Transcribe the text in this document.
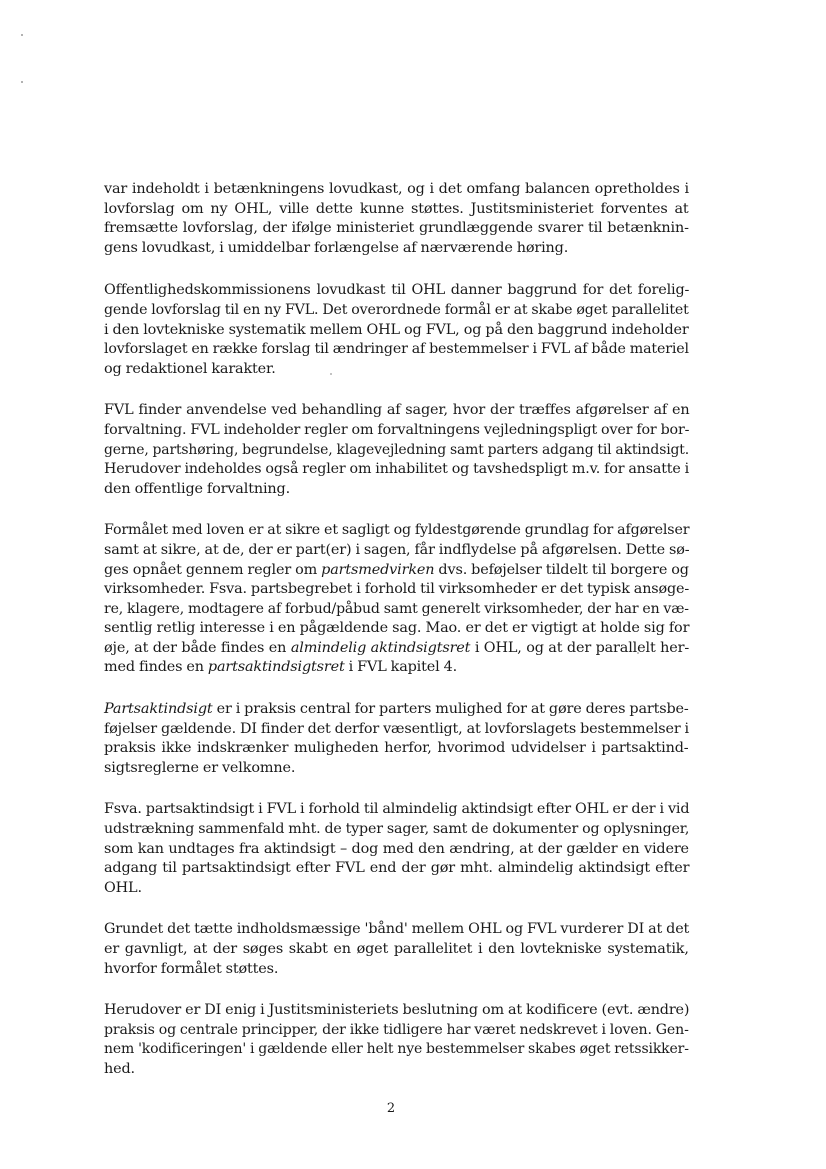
var indeholdt i betænkningens lovudkast, og i det omfang balancen opretholdes i
lovforslag om ny OHL, ville dette kunne støttes. Justitsministeriet forventes at
fremsætte lovforslag, der ifølge ministeriet grundlæggende svarer til betænknin-
gens lovudkast, i umiddelbar forlængelse af nærværende høring.

Offentlighedskommissionens lovudkast til OHL danner baggrund for det forelig-
gende lovforslag til en ny FVL. Det overordnede formål er at skabe øget parallelitet
i den lovtekniske systematik mellem OHL og FVL, og på den baggrund indeholder
lovforslaget en række forslag til ændringer af bestemmelser i FVL af både materiel
og redaktionel karakter.

FVL finder anvendelse ved behandling af sager, hvor der træffes afgørelser af en
forvaltning. FVL indeholder regler om forvaltningens vejledningspligt over for bor-
gerne, partshøring, begrundelse, klagevejledning samt parters adgang til aktindsigt.
Herudover indeholdes også regler om inhabilitet og tavshedspligt m.v. for ansatte i
den offentlige forvaltning.

Formålet med loven er at sikre et sagligt og fyldestgørende grundlag for afgørelser
samt at sikre, at de, der er part(er) i sagen, får indflydelse på afgørelsen. Dette sø-
ges opnået gennem regler om partsmedvirken dvs. beføjelser tildelt til borgere og
virksomheder. Fsva. partsbegrebet i forhold til virksomheder er det typisk ansøge-
re, klagere, modtagere af forbud/påbud samt generelt virksomheder, der har en væ-
sentlig retlig interesse i en pågældende sag. Mao. er det er vigtigt at holde sig for
øje, at der både findes en almindelig aktindsigtsret i OHL, og at der parallelt her-
med findes en partsaktindsigtsret i FVL kapitel 4.

Partsaktindsigt er i praksis central for parters mulighed for at gøre deres partsbe-
føjelser gældende. DI finder det derfor væsentligt, at lovforslagets bestemmelser i
praksis ikke indskrænker muligheden herfor, hvorimod udvidelser i partsaktind-
sigtsreglerne er velkomne.

Fsva. partsaktindsigt i FVL i forhold til almindelig aktindsigt efter OHL er der i vid
udstrækning sammenfald mht. de typer sager, samt de dokumenter og oplysninger,
som kan undtages fra aktindsigt – dog med den ændring, at der gælder en videre
adgang til partsaktindsigt efter FVL end der gør mht. almindelig aktindsigt efter
OHL.

Grundet det tætte indholdsmæssige 'bånd' mellem OHL og FVL vurderer DI at det
er gavnligt, at der søges skabt en øget parallelitet i den lovtekniske systematik,
hvorfor formålet støttes.

Herudover er DI enig i Justitsministeriets beslutning om at kodificere (evt. ændre)
praksis og centrale principper, der ikke tidligere har været nedskrevet i loven. Gen-
nem 'kodificeringen' i gældende eller helt nye bestemmelser skabes øget retssikker-
hed.

2
